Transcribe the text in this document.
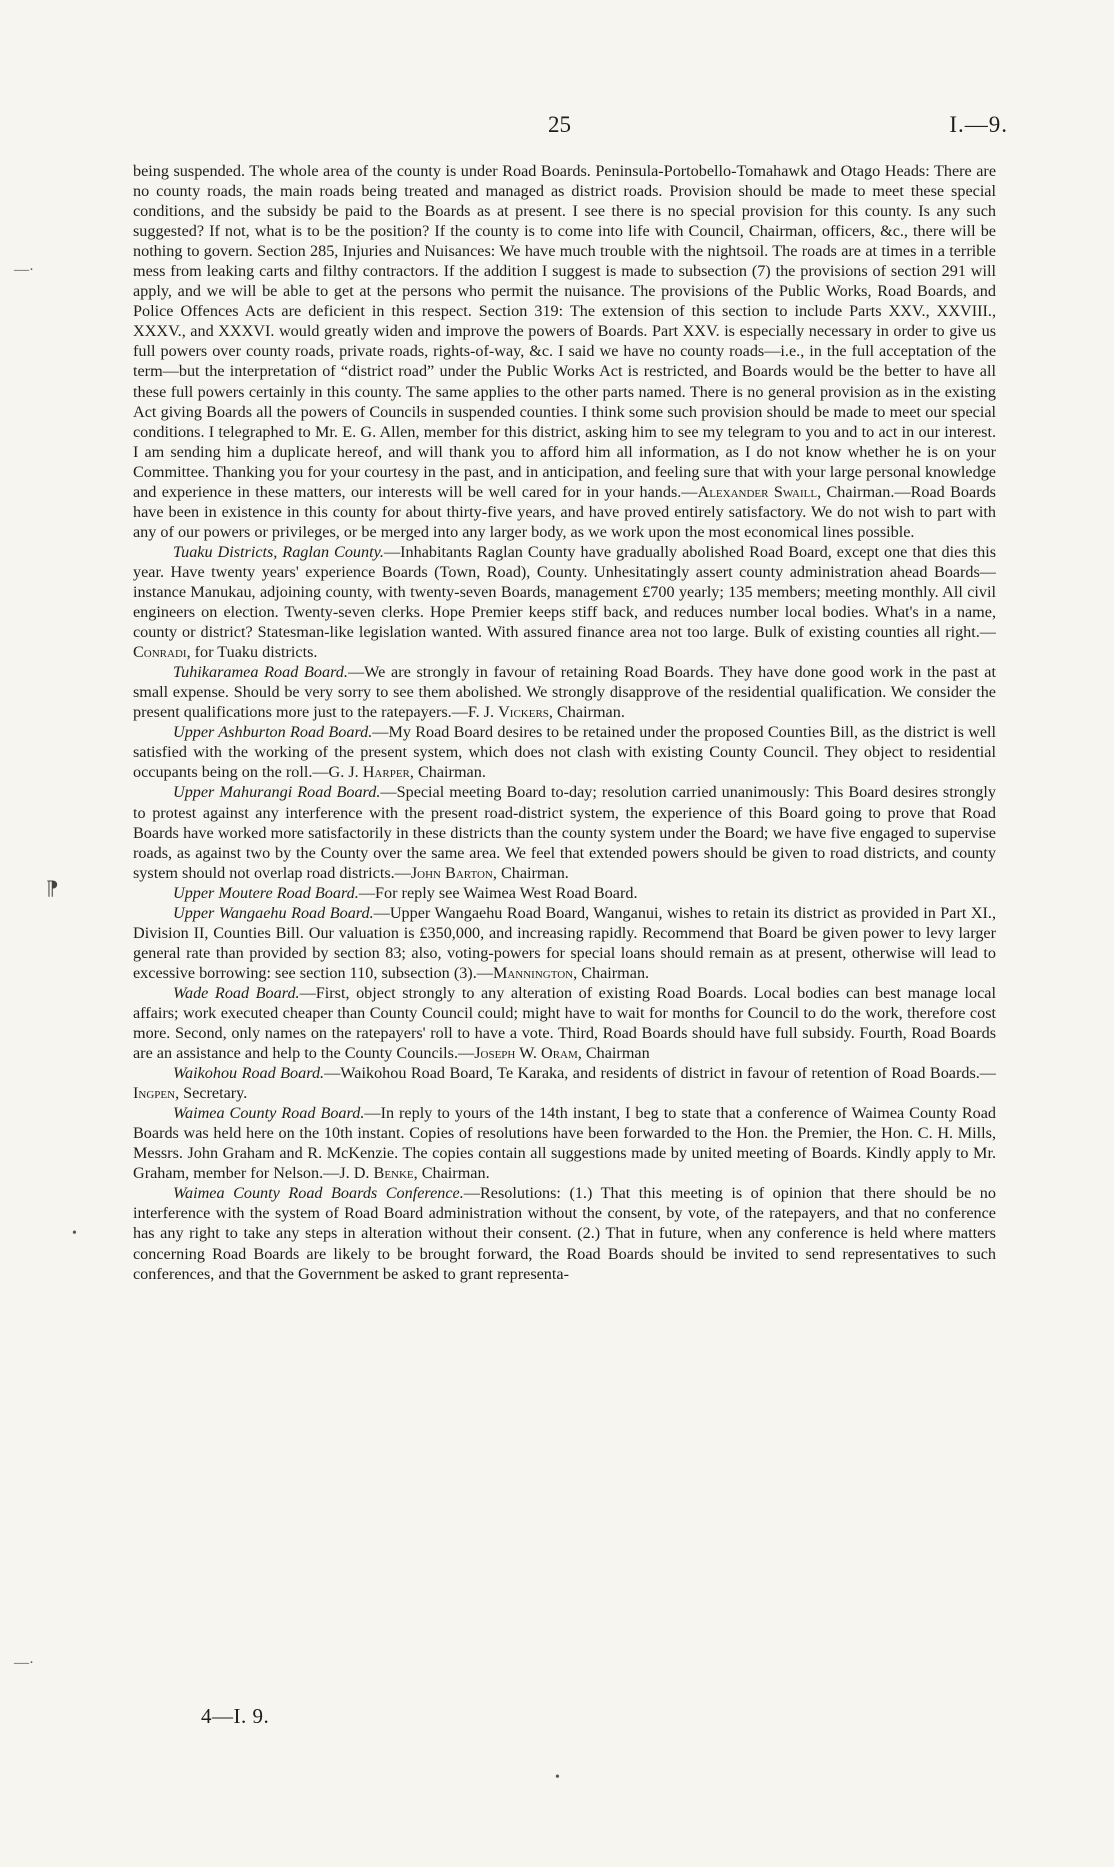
25	I.—9.

being suspended. The whole area of the county is under Road Boards. Peninsula-Portobello-Tomahawk and Otago Heads: There are no county roads, the main roads being treated and managed as district roads. Provision should be made to meet these special conditions, and the subsidy be paid to the Boards as at present. I see there is no special provision for this county. Is any such suggested? If not, what is to be the position? If the county is to come into life with Council, Chairman, officers, &c., there will be nothing to govern. Section 285, Injuries and Nuisances: We have much trouble with the nightsoil. The roads are at times in a terrible mess from leaking carts and filthy contractors. If the addition I suggest is made to subsection (7) the provisions of section 291 will apply, and we will be able to get at the persons who permit the nuisance. The provisions of the Public Works, Road Boards, and Police Offences Acts are deficient in this respect. Section 319: The extension of this section to include Parts XXV., XXVIII., XXXV., and XXXVI. would greatly widen and improve the powers of Boards. Part XXV. is especially necessary in order to give us full powers over county roads, private roads, rights-of-way, &c. I said we have no county roads—i.e., in the full acceptation of the term—but the interpretation of “district road” under the Public Works Act is restricted, and Boards would be the better to have all these full powers certainly in this county. The same applies to the other parts named. There is no general provision as in the existing Act giving Boards all the powers of Councils in suspended counties. I think some such provision should be made to meet our special conditions. I telegraphed to Mr. E. G. Allen, member for this district, asking him to see my telegram to you and to act in our interest. I am sending him a duplicate hereof, and will thank you to afford him all information, as I do not know whether he is on your Committee. Thanking you for your courtesy in the past, and in anticipation, and feeling sure that with your large personal knowledge and experience in these matters, our interests will be well cared for in your hands.—Alexander Swaill, Chairman.—Road Boards have been in existence in this county for about thirty-five years, and have proved entirely satisfactory. We do not wish to part with any of our powers or privileges, or be merged into any larger body, as we work upon the most economical lines possible.

Tuaku Districts, Raglan County.—Inhabitants Raglan County have gradually abolished Road Board, except one that dies this year. Have twenty years' experience Boards (Town, Road), County. Unhesitatingly assert county administration ahead Boards—instance Manukau, adjoining county, with twenty-seven Boards, management £700 yearly; 135 members; meeting monthly. All civil engineers on election. Twenty-seven clerks. Hope Premier keeps stiff back, and reduces number local bodies. What's in a name, county or district? Statesman-like legislation wanted. With assured finance area not too large. Bulk of existing counties all right.—Conradi, for Tuaku districts.

Tuhikaramea Road Board.—We are strongly in favour of retaining Road Boards. They have done good work in the past at small expense. Should be very sorry to see them abolished. We strongly disapprove of the residential qualification. We consider the present qualifications more just to the ratepayers.—F. J. Vickers, Chairman.

Upper Ashburton Road Board.—My Road Board desires to be retained under the proposed Counties Bill, as the district is well satisfied with the working of the present system, which does not clash with existing County Council. They object to residential occupants being on the roll.—G. J. Harper, Chairman.

Upper Mahurangi Road Board.—Special meeting Board to-day; resolution carried unanimously: This Board desires strongly to protest against any interference with the present road-district system, the experience of this Board going to prove that Road Boards have worked more satisfactorily in these districts than the county system under the Board; we have five engaged to supervise roads, as against two by the County over the same area. We feel that extended powers should be given to road districts, and county system should not overlap road districts.—John Barton, Chairman.

Upper Moutere Road Board.—For reply see Waimea West Road Board.

Upper Wangaehu Road Board.—Upper Wangaehu Road Board, Wanganui, wishes to retain its district as provided in Part XI., Division II, Counties Bill. Our valuation is £350,000, and increasing rapidly. Recommend that Board be given power to levy larger general rate than provided by section 83; also, voting-powers for special loans should remain as at present, otherwise will lead to excessive borrowing: see section 110, subsection (3).—Mannington, Chairman.

Wade Road Board.—First, object strongly to any alteration of existing Road Boards. Local bodies can best manage local affairs; work executed cheaper than County Council could; might have to wait for months for Council to do the work, therefore cost more. Second, only names on the ratepayers' roll to have a vote. Third, Road Boards should have full subsidy. Fourth, Road Boards are an assistance and help to the County Councils.—Joseph W. Oram, Chairman

Waikohou Road Board.—Waikohou Road Board, Te Karaka, and residents of district in favour of retention of Road Boards.—Ingpen, Secretary.

Waimea County Road Board.—In reply to yours of the 14th instant, I beg to state that a conference of Waimea County Road Boards was held here on the 10th instant. Copies of resolutions have been forwarded to the Hon. the Premier, the Hon. C. H. Mills, Messrs. John Graham and R. McKenzie. The copies contain all suggestions made by united meeting of Boards. Kindly apply to Mr. Graham, member for Nelson.—J. D. Benke, Chairman.

Waimea County Road Boards Conference.—Resolutions: (1.) That this meeting is of opinion that there should be no interference with the system of Road Board administration without the consent, by vote, of the ratepayers, and that no conference has any right to take any steps in alteration without their consent. (2.) That in future, when any conference is held where matters concerning Road Boards are likely to be brought forward, the Road Boards should be invited to send representatives to such conferences, and that the Government be asked to grant representa-

4—I. 9.
—·
⁋
•
—·
•
